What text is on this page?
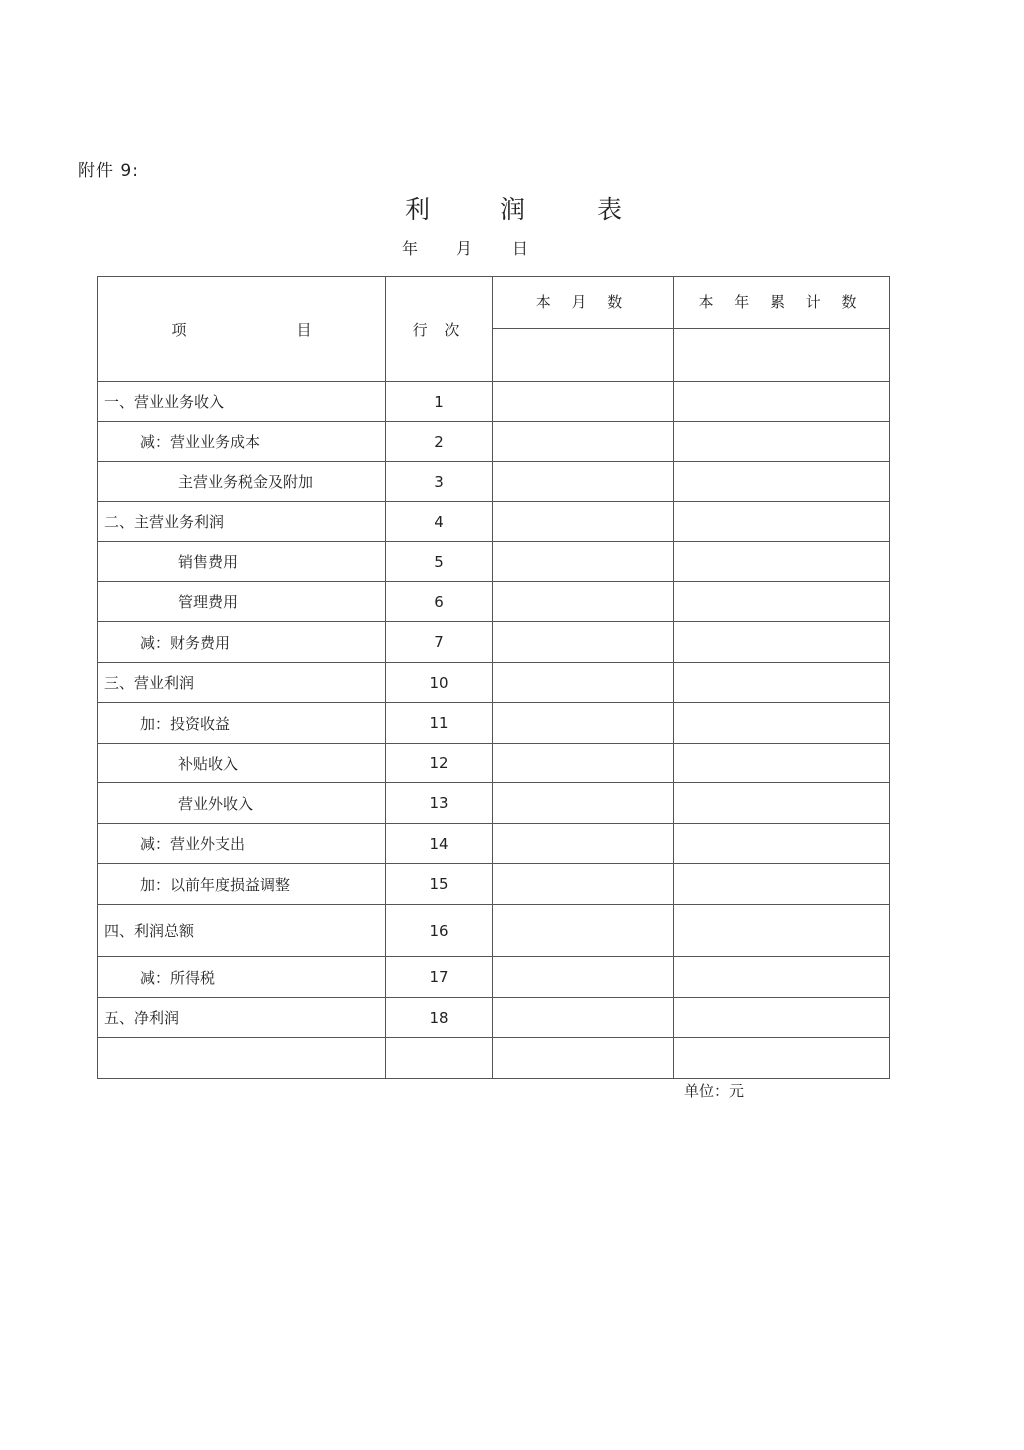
附件 9:
利	润	表
年 月 日
项 目	行 次	本 月 数	本 年 累 计 数

一、营业业务收入	1		
减：营业业务成本	2		
主营业务税金及附加	3		
二、主营业务利润	4		
销售费用	5		
管理费用	6		
减：财务费用	7		
三、营业利润	10		
加：投资收益	11		
补贴收入	12		
营业外收入	13		
减：营业外支出	14		
加：以前年度损益调整	15		
四、利润总额	16		
减：所得税	17		
五、净利润	18		

单位：元
